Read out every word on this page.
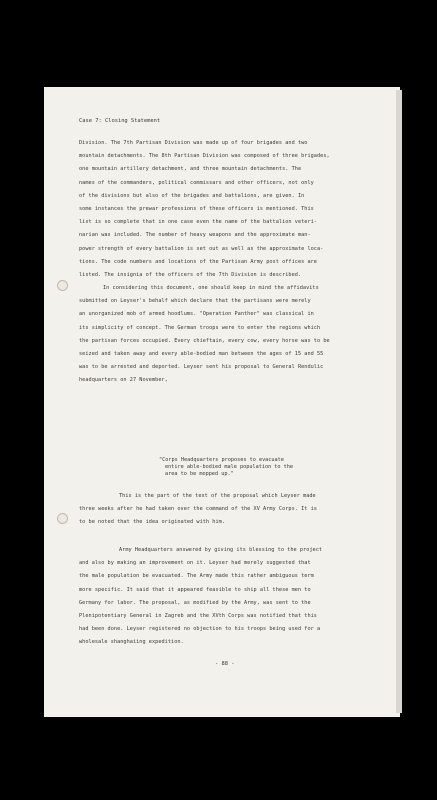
Case 7: Closing Statement
Division. The 7th Partisan Division was made up of four brigades and two
mountain detachments. The 8th Partisan Division was composed of three brigades,
one mountain artillery detachment, and three mountain detachments. The
names of the commanders, political commissars and other officers, not only
of the divisions but also of the brigades and battalions, are given. In
some instances the prewar professions of these officers is mentioned. This
list is so complete that in one case even the name of the battalion veteri-
narian was included. The number of heavy weapons and the approximate man-
power strength of every battalion is set out as well as the approximate loca-
tions. The code numbers and locations of the Partisan Army post offices are
listed. The insignia of the officers of the 7th Division is described.
In considering this document, one should keep in mind the affidavits
submitted on Leyser's behalf which declare that the partisans were merely
an unorganized mob of armed hoodlums. "Operation Panther" was classical in
its simplicity of concept. The German troops were to enter the regions which
the partisan forces occupied. Every chieftain, every cow, every horse was to be
seized and taken away and every able-bodied man between the ages of 15 and 55
was to be arrested and deported. Leyser sent his proposal to General Rendulic
headquarters on 27 November,
"Corps Headquarters proposes to evacuate
entire able-bodied male population to the
area to be mopped up."
This is the part of the text of the proposal which Leyser made
three weeks after he had taken over the command of the XV Army Corps. It is
to be noted that the idea originated with him.
Army Headquarters answered by giving its blessing to the project
and also by making an improvement on it. Leyser had merely suggested that
the male population be evacuated. The Army made this rather ambiguous term
more specific. It said that it appeared feasible to ship all these men to
Germany for labor. The proposal, as modified by the Army, was sent to the
Plenipotentiary General in Zagreb and the XVth Corps was notified that this
had been done. Leyser registered no objection to his troops being used for a
wholesale shanghaiing expedition.
- 88 -
